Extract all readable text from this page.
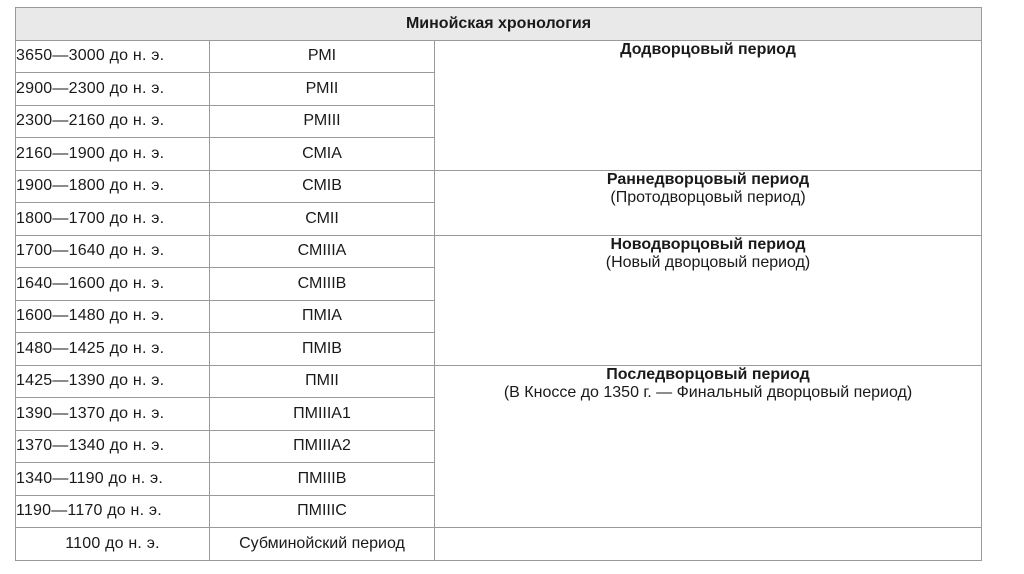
Минойская хронология		
3650—3000 до н. э.	РМI	Додворцовый период

2900—2300 до н. э.	РМII	
2300—2160 до н. э.	РМIII	
2160—1900 до н. э.	СМIA	
1900—1800 до н. э.	СМIB	Раннедворцовый период
(Протодворцовый период)

1800—1700 до н. э.	СМII	
1700—1640 до н. э.	СМIIIA	Новодворцовый период
(Новый дворцовый период)

1640—1600 до н. э.	СМIIIB	
1600—1480 до н. э.	ПМIA	
1480—1425 до н. э.	ПМIB	
1425—1390 до н. э.	ПМII	Последворцовый период
(В Кноссе до 1350 г. — Финальный дворцовый период)

1390—1370 до н. э.	ПМIIIA1	
1370—1340 до н. э.	ПМIIIA2	
1340—1190 до н. э.	ПМIIIB	
1190—1170 до н. э.	ПМIIIC	
1100 до н. э.	Субминойский период	
